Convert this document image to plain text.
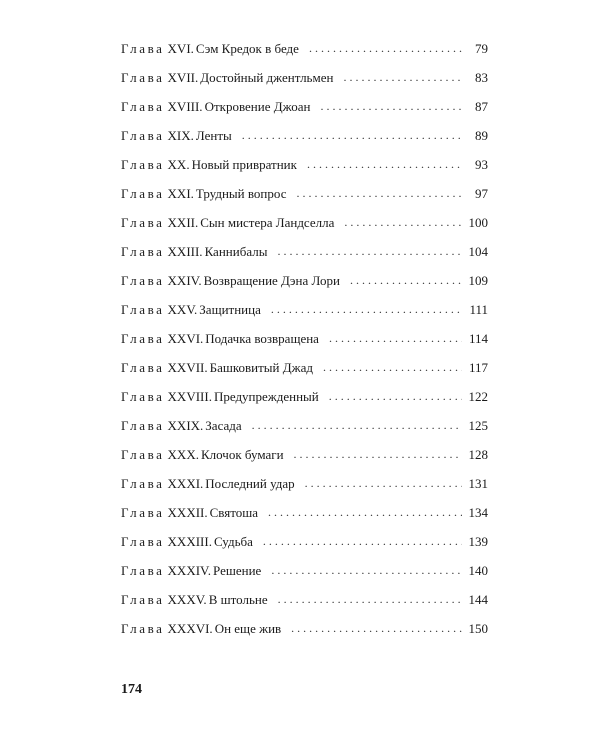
Глава XVI. Сэм Кредок в беде . . .	79
Глава XVII. Достойный джентльмен . . .	83
Глава XVIII. Откровение Джоан . . .	87
Глава XIX. Ленты . . .	89
Глава XX. Новый привратник . . .	93
Глава XXI. Трудный вопрос . . .	97
Глава XXII. Сын мистера Ландселла . . .	100
Глава XXIII. Каннибалы . . .	104
Глава XXIV. Возвращение Дэна Лори . . .	109
Глава XXV. Защитница . . .	111
Глава XXVI. Подачка возвращена . . .	114
Глава XXVII. Башковитый Джад . . .	117
Глава XXVIII. Предупрежденный . . .	122
Глава XXIX. Засада . . .	125
Глава XXX. Клочок бумаги . . .	128
Глава XXXI. Последний удар . . .	131
Глава XXXII. Святоша . . .	134
Глава XXXIII. Судьба . . .	139
Глава XXXIV. Решение . . .	140
Глава XXXV. В штольне . . .	144
Глава XXXVI. Он еще жив . . .	150
174
